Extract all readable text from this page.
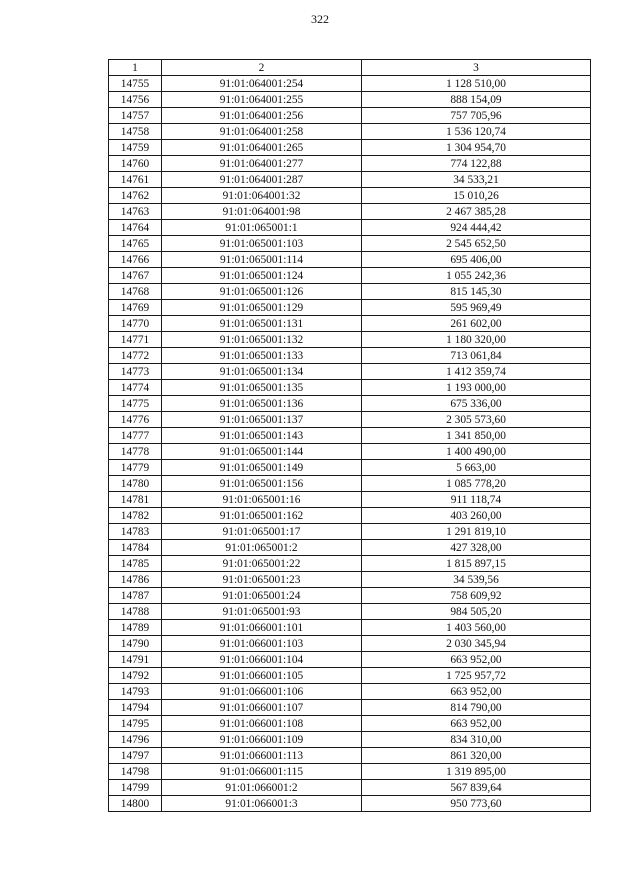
322
1	2	3
14755	91:01:064001:254	1 128 510,00
14756	91:01:064001:255	888 154,09
14757	91:01:064001:256	757 705,96
14758	91:01:064001:258	1 536 120,74
14759	91:01:064001:265	1 304 954,70
14760	91:01:064001:277	774 122,88
14761	91:01:064001:287	34 533,21
14762	91:01:064001:32	15 010,26
14763	91:01:064001:98	2 467 385,28
14764	91:01:065001:1	924 444,42
14765	91:01:065001:103	2 545 652,50
14766	91:01:065001:114	695 406,00
14767	91:01:065001:124	1 055 242,36
14768	91:01:065001:126	815 145,30
14769	91:01:065001:129	595 969,49
14770	91:01:065001:131	261 602,00
14771	91:01:065001:132	1 180 320,00
14772	91:01:065001:133	713 061,84
14773	91:01:065001:134	1 412 359,74
14774	91:01:065001:135	1 193 000,00
14775	91:01:065001:136	675 336,00
14776	91:01:065001:137	2 305 573,60
14777	91:01:065001:143	1 341 850,00
14778	91:01:065001:144	1 400 490,00
14779	91:01:065001:149	5 663,00
14780	91:01:065001:156	1 085 778,20
14781	91:01:065001:16	911 118,74
14782	91:01:065001:162	403 260,00
14783	91:01:065001:17	1 291 819,10
14784	91:01:065001:2	427 328,00
14785	91:01:065001:22	1 815 897,15
14786	91:01:065001:23	34 539,56
14787	91:01:065001:24	758 609,92
14788	91:01:065001:93	984 505,20
14789	91:01:066001:101	1 403 560,00
14790	91:01:066001:103	2 030 345,94
14791	91:01:066001:104	663 952,00
14792	91:01:066001:105	1 725 957,72
14793	91:01:066001:106	663 952,00
14794	91:01:066001:107	814 790,00
14795	91:01:066001:108	663 952,00
14796	91:01:066001:109	834 310,00
14797	91:01:066001:113	861 320,00
14798	91:01:066001:115	1 319 895,00
14799	91:01:066001:2	567 839,64
14800	91:01:066001:3	950 773,60
